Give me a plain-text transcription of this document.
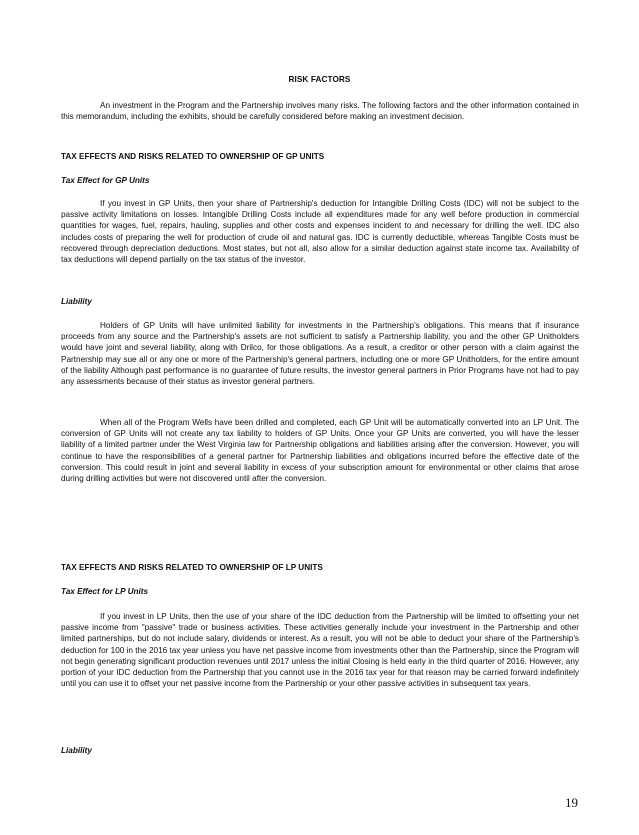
RISK FACTORS

An investment in the Program and the Partnership involves many risks. The following factors and the other information contained in this memorandum, including the exhibits, should be carefully considered before making an investment decision.

TAX EFFECTS AND RISKS RELATED TO OWNERSHIP OF GP UNITS
Tax Effect for GP Units

If you invest in GP Units, then your share of Partnership's deduction for Intangible Drilling Costs (IDC) will not be subject to the passive activity limitations on losses. Intangible Drilling Costs include all expenditures made for any well before production in commercial quantities for wages, fuel, repairs, hauling, supplies and other costs and expenses incident to and necessary for drilling the well. IDC also includes costs of preparing the well for production of crude oil and natural gas. IDC is currently deductible, whereas Tangible Costs must be recovered through depreciation deductions. Most states, but not all, also allow for a similar deduction against state income tax. Availability of tax deductions will depend partially on the tax status of the investor.

Liability

Holders of GP Units will have unlimited liability for investments in the Partnership's obligations. This means that if insurance proceeds from any source and the Partnership's assets are not sufficient to satisfy a Partnership liability, you and the other GP Unitholders would have joint and several liability, along with Drilco, for those obligations. As a result, a creditor or other person with a claim against the Partnership may sue all or any one or more of the Partnership's general partners, including one or more GP Unitholders, for the entire amount of the liability Although past performance is no guarantee of future results, the investor general partners in Prior Programs have not had to pay any assessments because of their status as investor general partners.

When all of the Program Wells have been drilled and completed, each GP Unit will be automatically converted into an LP Unit. The conversion of GP Units will not create any tax liability to holders of GP Units. Once your GP Units are converted, you will have the lesser liability of a limited partner under the West Virginia law for Partnership obligations and liabilities arising after the conversion. However, you will continue to have the responsibilities of a general partner for Partnership liabilities and obligations incurred before the effective date of the conversion. This could result in joint and several liability in excess of your subscription amount for environmental or other claims that arose during drilling activities but were not discovered until after the conversion.

TAX EFFECTS AND RISKS RELATED TO OWNERSHIP OF LP UNITS
Tax Effect for LP Units

If you invest in LP Units, then the use of your share of the IDC deduction from the Partnership will be limited to offsetting your net passive income from "passive" trade or business activities. These activities generally include your investment in the Partnership and other limited partnerships, but do not include salary, dividends or interest. As a result, you will not be able to deduct your share of the Partnership's deduction for 100 in the 2016 tax year unless you have net passive income from investments other than the Partnership, since the Program will not begin generating significant production revenues until 2017 unless the initial Closing is held early in the third quarter of 2016. However, any portion of your IDC deduction from the Partnership that you cannot use in the 2016 tax year for that reason may be carried forward indefinitely until you can use it to offset your net passive income from the Partnership or your other passive activities in subsequent tax years.

Liability
19
